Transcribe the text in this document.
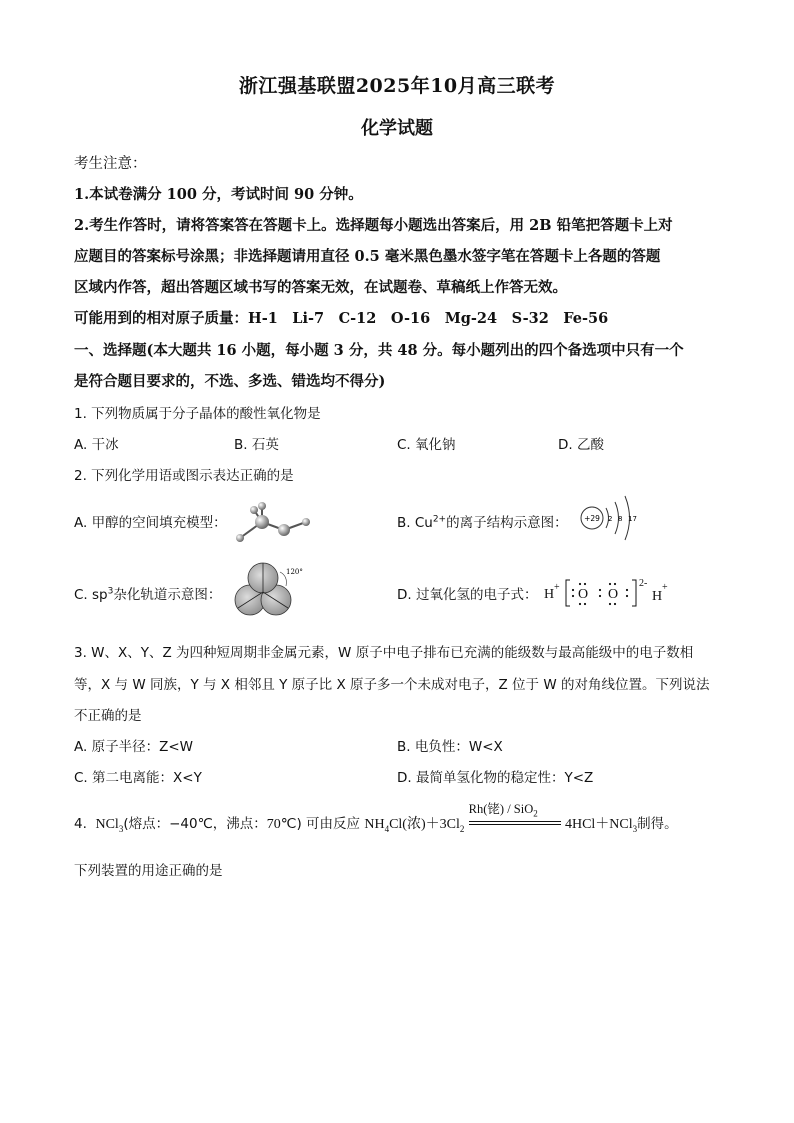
浙江强基联盟2025年10月高三联考
化学试题
考生注意：
1.本试卷满分 100 分，考试时间 90 分钟。
2.考生作答时，请将答案答在答题卡上。选择题每小题选出答案后，用 2B 铅笔把答题卡上对
应题目的答案标号涂黑；非选择题请用直径 0.5 毫米黑色墨水签字笔在答题卡上各题的答题
区域内作答，超出答题区域书写的答案无效，在试题卷、草稿纸上作答无效。
可能用到的相对原子质量：H-1　Li-7　C-12　O-16　Mg-24　S-32　Fe-56
一、选择题(本大题共 16 小题，每小题 3 分，共 48 分。每小题列出的四个备选项中只有一个
是符合题目要求的，不选、多选、错选均不得分)
1. 下列物质属于分子晶体的酸性氧化物是
A. 干冰	B. 石英	C. 氧化钠	D. 乙酸
2. 下列化学用语或图示表达正确的是
A. 甲醇的空间填充模型：	B. $Cu^{2+}$的离子结构示意图： +29 2 8 17
C. $sp^3$杂化轨道示意图：
120°
D. 过氧化氢的电子式： H + O O
2-
H
+
3. W、X、Y、Z 为四种短周期非金属元素，W 原子中电子排布已充满的能级数与最高能级中的电子数相
等，X 与 W 同族，Y 与 X 相邻且 Y 原子比 X 原子多一个未成对电子，Z 位于 W 的对角线位置。下列说法
不正确的是
A. 原子半径：Z<W	B. 电负性：W<X
C. 第二电离能：X<Y	D. 最简单氢化物的稳定性：Y<Z
4. NCl$_3$(熔点：−40℃，沸点：70℃) 可由反应 $NH_4Cl$(浓)$+3Cl_2$
Rh(铑) / SiO$_2$
4HCl＋NCl$_3$制得。
下列装置的用途正确的是
